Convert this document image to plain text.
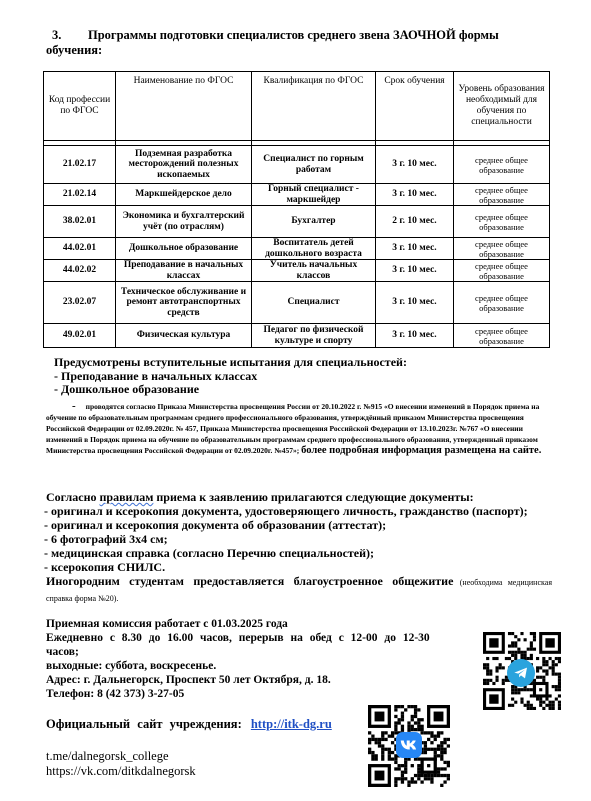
3. Программы подготовки специалистов среднего звена ЗАОЧНОЙ формы обучения:
Код профессии по ФГОС	Наименование по ФГОС	Квалификация по ФГОС	Срок обучения	Уровень образования необходимый для обучения по специальности

21.02.17	Подземная разработка месторождений полезных ископаемых	Специалист по горным работам	3 г. 10 мес.	среднее общее образование
21.02.14	Маркшейдерское дело	Горный специалист - маркшейдер	3 г. 10 мес.	среднее общее образование
38.02.01	Экономика и бухгалтерский учёт (по отраслям)	Бухгалтер	2 г. 10 мес.	среднее общее образование
44.02.01	Дошкольное образование	Воспитатель детей дошкольного возраста	3 г. 10 мес.	среднее общее образование
44.02.02	Преподавание в начальных классах	Учитель начальных классов	3 г. 10 мес.	среднее общее образование
23.02.07	Техническое обслуживание и ремонт автотранспортных средств	Специалист	3 г. 10 мес.	среднее общее образование
49.02.01	Физическая культура	Педагог по физической культуре и спорту	3 г. 10 мес.	среднее общее образование
Предусмотрены вступительные испытания для специальностей:
- Преподавание в начальных классах
- Дошкольное образование
- проводятся согласно Приказа Министерства просвещения России от 20.10.2022 г. №915 «О внесении изменений в Порядок приема на обучение по образовательным программам среднего профессионального образования, утверждённый приказом Министерства просвещения Российской Федерации от 02.09.2020г. № 457, Приказа Министерства просвещения Российской Федерации от 13.10.2023г. №767 «О внесении изменений в Порядок приема на обучение по образовательным программам среднего профессионального образования, утвержденный приказом Министерства просвещения Российской Федерации от 02.09.2020г. №457»; более подробная информация размещена на сайте.
Согласно правилам приема к заявлению прилагаются следующие документы:
- оригинал и ксерокопия документа, удостоверяющего личность, гражданство (паспорт);
- оригинал и ксерокопия документа об образовании (аттестат);
- 6 фотографий 3х4 см;
- медицинская справка (согласно Перечню специальностей);
- ксерокопия СНИЛС.
Иногородним студентам предоставляется благоустроенное общежитие (необходима медицинская справка форма №20).
Приемная комиссия работает с 01.03.2025 года
Ежедневно с 8.30 до 16.00 часов, перерыв на обед с 12-00 до 12-30 часов;
выходные: суббота, воскресенье.
Адрес: г. Дальнегорск, Проспект 50 лет Октября, д. 18.
Телефон: 8 (42 373) 3-27-05
Официальный сайт учреждения: http://itk-dg.ru
t.me/dalnegorsk_college
https://vk.com/ditkdalnegorsk
